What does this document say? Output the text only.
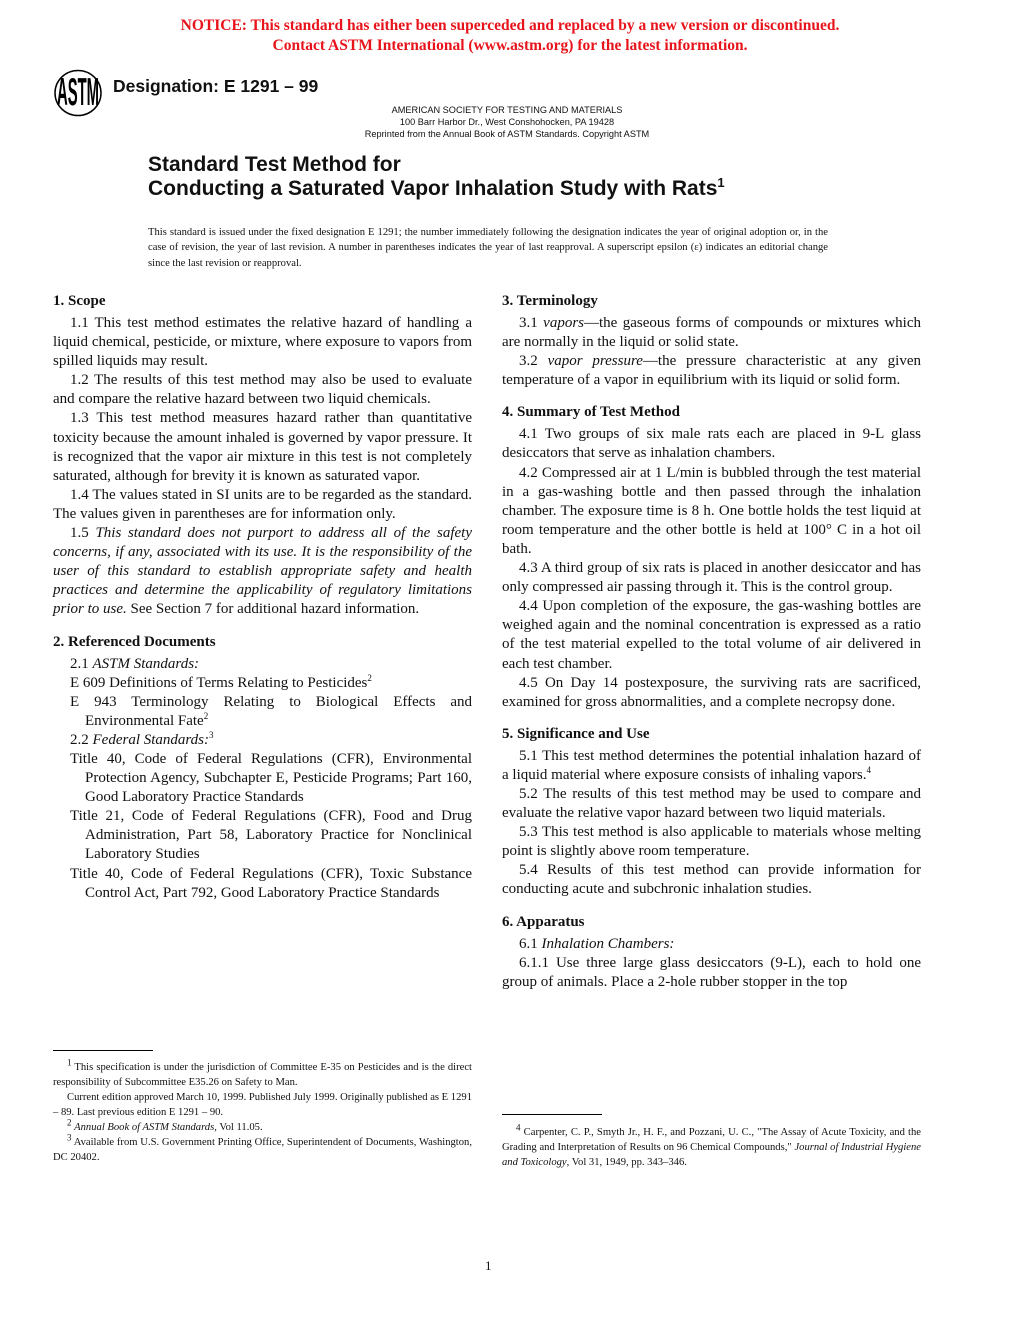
NOTICE: This standard has either been superceded and replaced by a new version or discontinued.
Contact ASTM International (www.astm.org) for the latest information.
ASTM Designation: E 1291 – 99
AMERICAN SOCIETY FOR TESTING AND MATERIALS
100 Barr Harbor Dr., West Conshohocken, PA 19428
Reprinted from the Annual Book of ASTM Standards. Copyright ASTM
Standard Test Method for
Conducting a Saturated Vapor Inhalation Study with Rats$^1$
This standard is issued under the fixed designation E 1291; the number immediately following the designation indicates the year of original adoption or, in the case of revision, the year of last revision. A number in parentheses indicates the year of last reapproval. A superscript epsilon (ε) indicates an editorial change since the last revision or reapproval.
1. Scope

1.1 This test method estimates the relative hazard of handling a liquid chemical, pesticide, or mixture, where exposure to vapors from spilled liquids may result.

1.2 The results of this test method may also be used to evaluate and compare the relative hazard between two liquid chemicals.

1.3 This test method measures hazard rather than quantitative toxicity because the amount inhaled is governed by vapor pressure. It is recognized that the vapor air mixture in this test is not completely saturated, although for brevity it is known as saturated vapor.

1.4 The values stated in SI units are to be regarded as the standard. The values given in parentheses are for information only.

1.5 This standard does not purport to address all of the safety concerns, if any, associated with its use. It is the responsibility of the user of this standard to establish appropriate safety and health practices and determine the applicability of regulatory limitations prior to use. See Section 7 for additional hazard information.

2. Referenced Documents

2.1 ASTM Standards:

E 609 Definitions of Terms Relating to Pesticides$^2$

E 943 Terminology Relating to Biological Effects and Environmental Fate$^2$

2.2 Federal Standards:$^3$

Title 40, Code of Federal Regulations (CFR), Environmental Protection Agency, Subchapter E, Pesticide Programs; Part 160, Good Laboratory Practice Standards

Title 21, Code of Federal Regulations (CFR), Food and Drug Administration, Part 58, Laboratory Practice for Nonclinical Laboratory Studies

Title 40, Code of Federal Regulations (CFR), Toxic Substance Control Act, Part 792, Good Laboratory Practice Standards

3. Terminology

3.1 vapors—the gaseous forms of compounds or mixtures which are normally in the liquid or solid state.

3.2 vapor pressure—the pressure characteristic at any given temperature of a vapor in equilibrium with its liquid or solid form.

4. Summary of Test Method

4.1 Two groups of six male rats each are placed in 9-L glass desiccators that serve as inhalation chambers.

4.2 Compressed air at 1 L/min is bubbled through the test material in a gas-washing bottle and then passed through the inhalation chamber. The exposure time is 8 h. One bottle holds the test liquid at room temperature and the other bottle is held at 100° C in a hot oil bath.

4.3 A third group of six rats is placed in another desiccator and has only compressed air passing through it. This is the control group.

4.4 Upon completion of the exposure, the gas-washing bottles are weighed again and the nominal concentration is expressed as a ratio of the test material expelled to the total volume of air delivered in each test chamber.

4.5 On Day 14 postexposure, the surviving rats are sacrificed, examined for gross abnormalities, and a complete necropsy done.

5. Significance and Use

5.1 This test method determines the potential inhalation hazard of a liquid material where exposure consists of inhaling vapors.$^4$

5.2 The results of this test method may be used to compare and evaluate the relative vapor hazard between two liquid materials.

5.3 This test method is also applicable to materials whose melting point is slightly above room temperature.

5.4 Results of this test method can provide information for conducting acute and subchronic inhalation studies.

6. Apparatus

6.1 Inhalation Chambers:

6.1.1 Use three large glass desiccators (9-L), each to hold one group of animals. Place a 2-hole rubber stopper in the top

$^1$ This specification is under the jurisdiction of Committee E-35 on Pesticides and is the direct responsibility of Subcommittee E35.26 on Safety to Man.

Current edition approved March 10, 1999. Published July 1999. Originally published as E 1291 – 89. Last previous edition E 1291 – 90.

$^2$ Annual Book of ASTM Standards, Vol 11.05.

$^3$ Available from U.S. Government Printing Office, Superintendent of Documents, Washington, DC 20402.

$^4$ Carpenter, C. P., Smyth Jr., H. F., and Pozzani, U. C., "The Assay of Acute Toxicity, and the Grading and Interpretation of Results on 96 Chemical Compounds," Journal of Industrial Hygiene and Toxicology, Vol 31, 1949, pp. 343–346.

1
